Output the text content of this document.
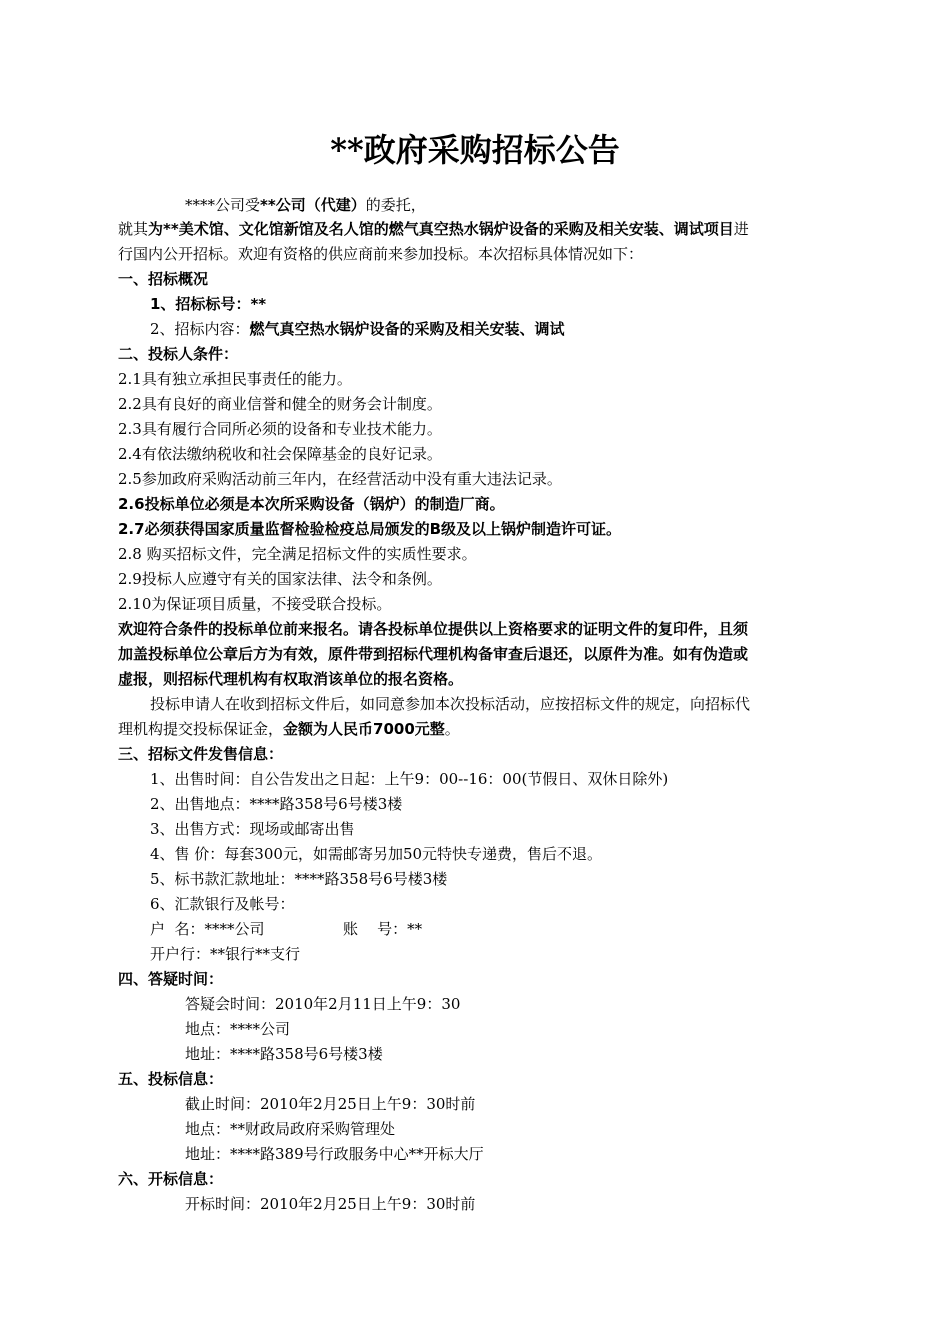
**政府采购招标公告
****公司受**公司（代建）的委托，
就其为**美术馆、文化馆新馆及名人馆的燃气真空热水锅炉设备的采购及相关安装、调试项目进
行国内公开招标。欢迎有资格的供应商前来参加投标。本次招标具体情况如下：
一、招标概况
1、招标标号：**
2、招标内容：燃气真空热水锅炉设备的采购及相关安装、调试
二、投标人条件：
2.1具有独立承担民事责任的能力。
2.2具有良好的商业信誉和健全的财务会计制度。
2.3具有履行合同所必须的设备和专业技术能力。
2.4有依法缴纳税收和社会保障基金的良好记录。
2.5参加政府采购活动前三年内，在经营活动中没有重大违法记录。
2.6投标单位必须是本次所采购设备（锅炉）的制造厂商。
2.7必须获得国家质量监督检验检疫总局颁发的B级及以上锅炉制造许可证。
2.8 购买招标文件，完全满足招标文件的实质性要求。
2.9投标人应遵守有关的国家法律、法令和条例。
2.10为保证项目质量，不接受联合投标。
欢迎符合条件的投标单位前来报名。请各投标单位提供以上资格要求的证明文件的复印件，且须
加盖投标单位公章后方为有效，原件带到招标代理机构备审查后退还，以原件为准。如有伪造或
虚报，则招标代理机构有权取消该单位的报名资格。
投标申请人在收到招标文件后，如同意参加本次投标活动，应按招标文件的规定，向招标代
理机构提交投标保证金，金额为人民币7000元整。
三、招标文件发售信息：
1、出售时间：自公告发出之日起：上午9：00--16：00(节假日、双休日除外)
2、出售地点：****路358号6号楼3楼
3、出售方式：现场或邮寄出售
4、售 价：每套300元，如需邮寄另加50元特快专递费，售后不退。
5、标书款汇款地址：****路358号6号楼3楼
6、汇款银行及帐号：
户  名：****公司	账    号：**
开户行：**银行**支行
四、答疑时间：
答疑会时间：2010年2月11日上午9：30
地点：****公司
地址：****路358号6号楼3楼
五、投标信息：
截止时间：2010年2月25日上午9：30时前
地点：**财政局政府采购管理处
地址：****路389号行政服务中心**开标大厅
六、开标信息：
开标时间：2010年2月25日上午9：30时前
